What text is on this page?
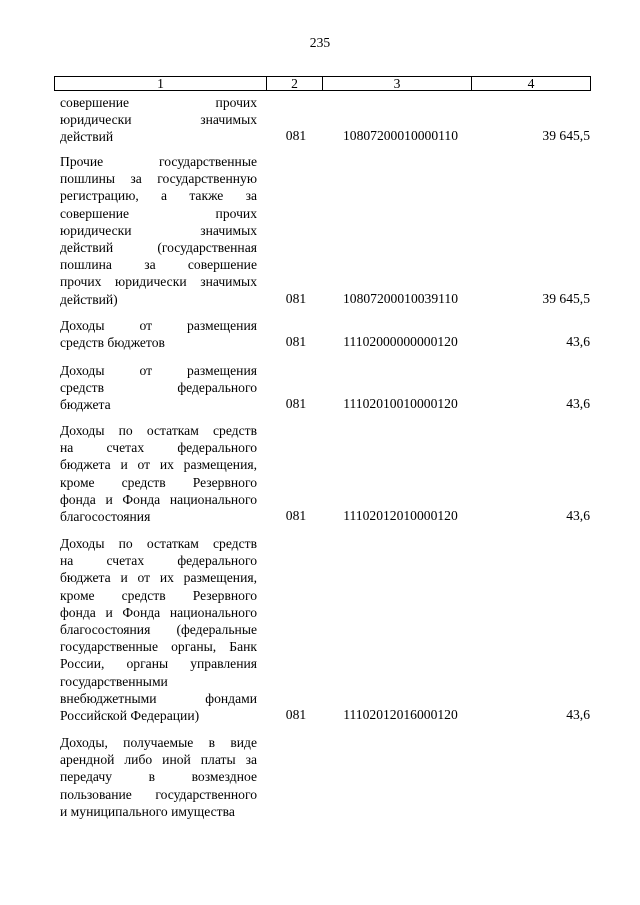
235
1	2	3	4
совершение прочих
юридически значимых
действий	081	10807200010000110	39 645,5
Прочие государственные
пошлины за государственную
регистрацию, а также за
совершение прочих
юридически значимых
действий (государственная
пошлина за совершение
прочих юридически значимых
действий)	081	10807200010039110	39 645,5
Доходы от размещения
средств бюджетов	081	11102000000000120	43,6
Доходы от размещения
средств федерального
бюджета	081	11102010010000120	43,6
Доходы по остаткам средств
на счетах федерального
бюджета и от их размещения,
кроме средств Резервного
фонда и Фонда национального
благосостояния	081	11102012010000120	43,6
Доходы по остаткам средств
на счетах федерального
бюджета и от их размещения,
кроме средств Резервного
фонда и Фонда национального
благосостояния (федеральные
государственные органы, Банк
России, органы управления
государственными
внебюджетными фондами
Российской Федерации)	081	11102012016000120	43,6
Доходы, получаемые в виде
арендной либо иной платы за
передачу в возмездное
пользование государственного
и муниципального имущества
